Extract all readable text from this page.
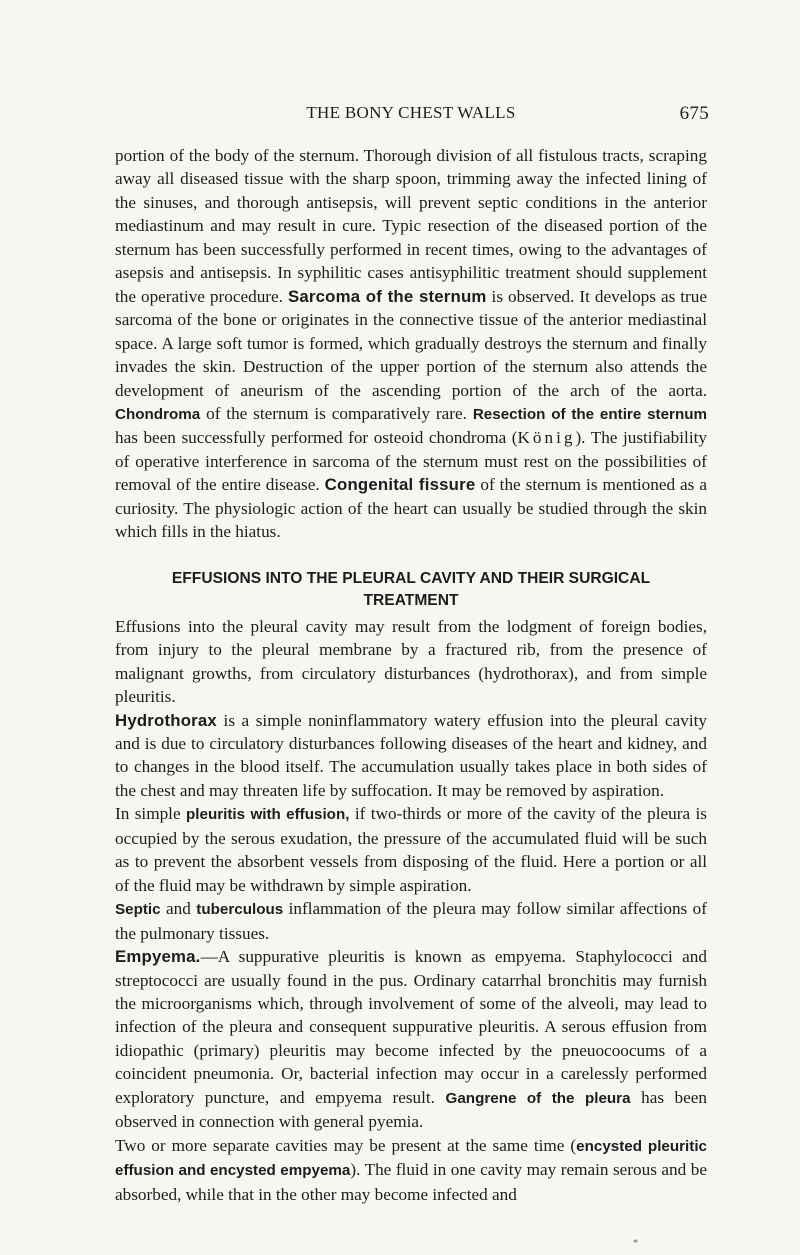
THE BONY CHEST WALLS	675

portion of the body of the sternum. Thorough division of all fistulous tracts, scraping away all diseased tissue with the sharp spoon, trimming away the infected lining of the sinuses, and thorough antisepsis, will prevent septic conditions in the anterior mediastinum and may result in cure. Typic resection of the diseased portion of the sternum has been successfully performed in recent times, owing to the advantages of asepsis and antisepsis. In syphilitic cases antisyphilitic treatment should supplement the operative procedure. Sarcoma of the sternum is observed. It develops as true sarcoma of the bone or originates in the connective tissue of the anterior mediastinal space. A large soft tumor is formed, which gradually destroys the sternum and finally invades the skin. Destruction of the upper portion of the sternum also attends the development of aneurism of the ascending portion of the arch of the aorta. Chondroma of the sternum is comparatively rare. Resection of the entire sternum has been successfully performed for osteoid chondroma (König). The justifiability of operative interference in sarcoma of the sternum must rest on the possibilities of removal of the entire disease. Congenital fissure of the sternum is mentioned as a curiosity. The physiologic action of the heart can usually be studied through the skin which fills in the hiatus.

EFFUSIONS INTO THE PLEURAL CAVITY AND THEIR SURGICAL TREATMENT

Effusions into the pleural cavity may result from the lodgment of foreign bodies, from injury to the pleural membrane by a fractured rib, from the presence of malignant growths, from circulatory disturbances (hydrothorax), and from simple pleuritis.

Hydrothorax is a simple noninflammatory watery effusion into the pleural cavity and is due to circulatory disturbances following diseases of the heart and kidney, and to changes in the blood itself. The accumulation usually takes place in both sides of the chest and may threaten life by suffocation. It may be removed by aspiration.

In simple pleuritis with effusion, if two-thirds or more of the cavity of the pleura is occupied by the serous exudation, the pressure of the accumulated fluid will be such as to prevent the absorbent vessels from disposing of the fluid. Here a portion or all of the fluid may be withdrawn by simple aspiration.

Septic and tuberculous inflammation of the pleura may follow similar affections of the pulmonary tissues.

Empyema.—A suppurative pleuritis is known as empyema. Staphylococci and streptococci are usually found in the pus. Ordinary catarrhal bronchitis may furnish the microorganisms which, through involvement of some of the alveoli, may lead to infection of the pleura and consequent suppurative pleuritis. A serous effusion from idiopathic (primary) pleuritis may become infected by the pneuocoocums of a coincident pneumonia. Or, bacterial infection may occur in a carelessly performed exploratory puncture, and empyema result. Gangrene of the pleura has been observed in connection with general pyemia.

Two or more separate cavities may be present at the same time (encysted pleuritic effusion and encysted empyema). The fluid in one cavity may remain serous and be absorbed, while that in the other may become infected and

*
